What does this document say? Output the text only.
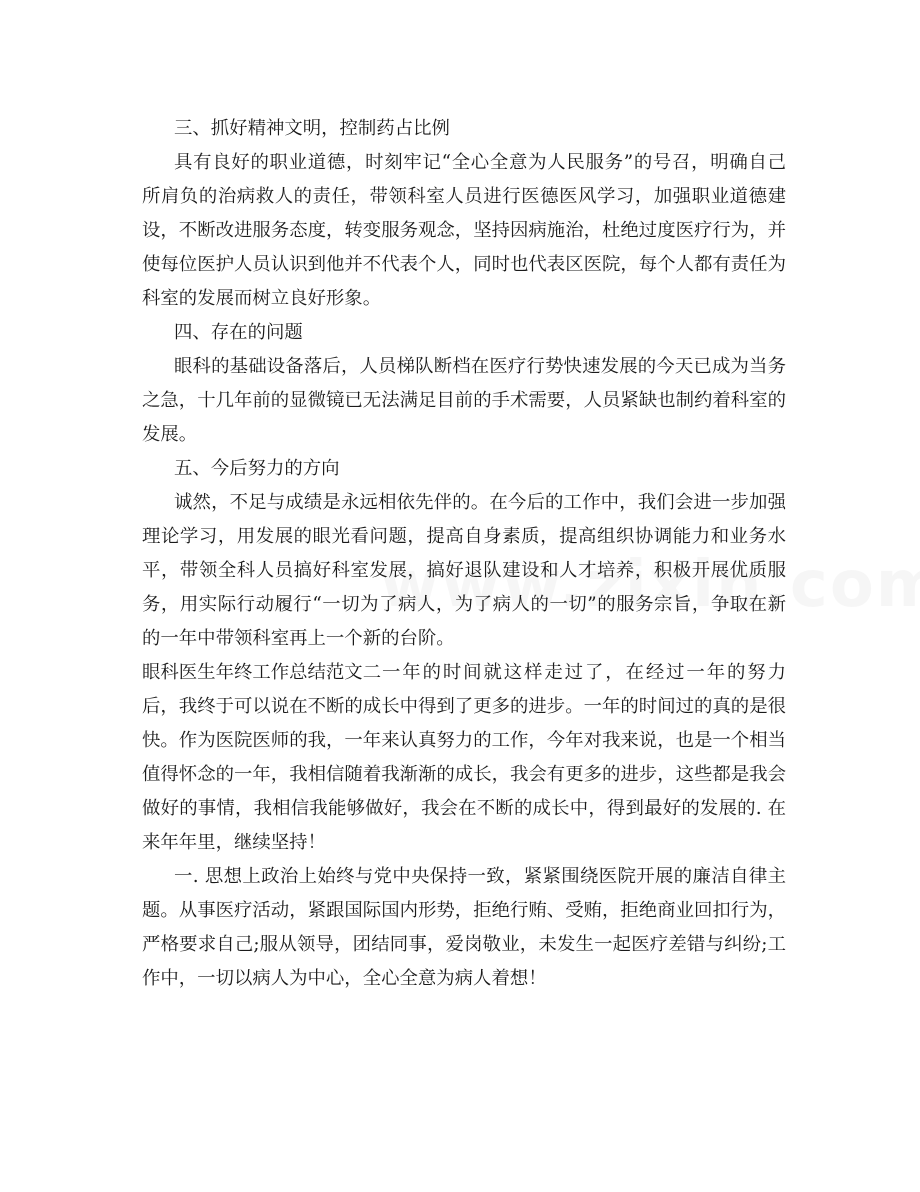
三、抓好精神文明，控制药占比例

具有良好的职业道德，时刻牢记“全心全意为人民服务”的号召，明确自己

所肩负的治病救人的责任，带领科室人员进行医德医风学习，加强职业道德建

设，不断改进服务态度，转变服务观念，坚持因病施治，杜绝过度医疗行为，并

使每位医护人员认识到他并不代表个人，同时也代表区医院，每个人都有责任为

科室的发展而树立良好形象。

四、存在的问题

眼科的基础设备落后，人员梯队断档在医疗行势快速发展的今天已成为当务

之急，十几年前的显微镜已无法满足目前的手术需要，人员紧缺也制约着科室的

发展。

五、今后努力的方向

诚然，不足与成绩是永远相依先伴的。在今后的工作中，我们会进一步加强

理论学习，用发展的眼光看问题，提高自身素质，提高组织协调能力和业务水

平，带领全科人员搞好科室发展，搞好退队建设和人才培养，积极开展优质服

务，用实际行动履行“一切为了病人，为了病人的一切”的服务宗旨，争取在新

的一年中带领科室再上一个新的台阶。

眼科医生年终工作总结范文二一年的时间就这样走过了，在经过一年的努力

后，我终于可以说在不断的成长中得到了更多的进步。一年的时间过的真的是很

快。作为医院医师的我，一年来认真努力的工作，今年对我来说，也是一个相当

值得怀念的一年，我相信随着我渐渐的成长，我会有更多的进步，这些都是我会

做好的事情，我相信我能够做好，我会在不断的成长中，得到最好的发展的. 在

来年年里，继续坚持！

一. 思想上政治上始终与党中央保持一致，紧紧围绕医院开展的廉洁自律主

题。从事医疗活动，紧跟国际国内形势，拒绝行贿、受贿，拒绝商业回扣行为，

严格要求自己;服从领导，团结同事，爱岗敬业，未发生一起医疗差错与纠纷;工

作中，一切以病人为中心，全心全意为病人着想！
